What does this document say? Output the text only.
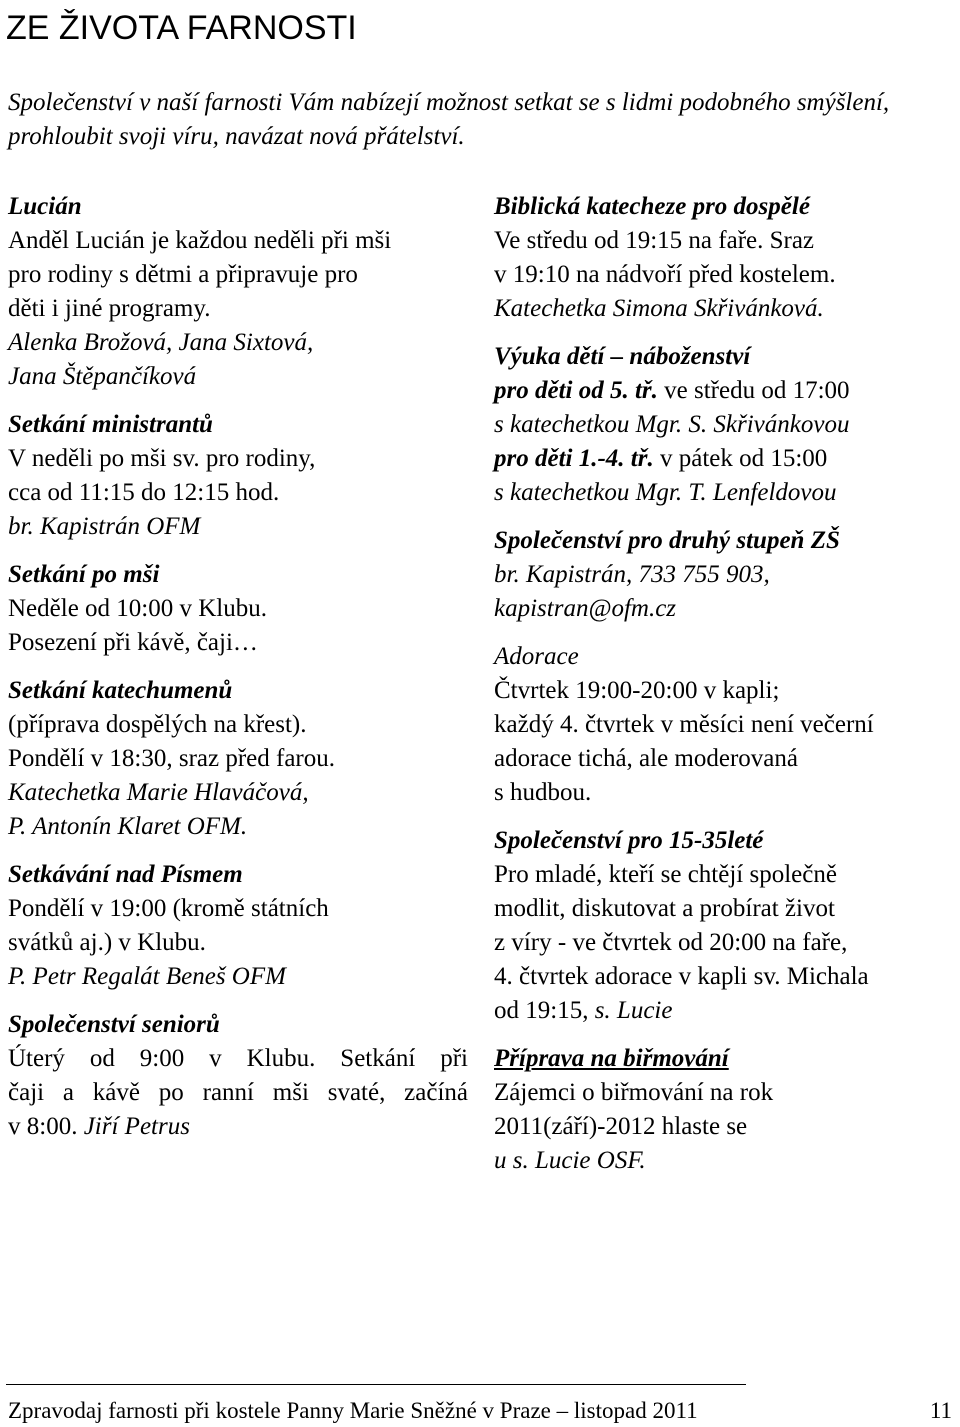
ZE ŽIVOTA FARNOSTI
Společenství v naší farnosti Vám nabízejí možnost setkat se s lidmi podobného smýšlení, prohloubit svoji víru, navázat nová přátelství.
Lucián
Anděl Lucián je každou neděli při mši
pro rodiny s dětmi a připravuje pro
děti i jiné programy.
Alenka Brožová, Jana Sixtová,
Jana Štěpančíková
Setkání ministrantů
V neděli po mši sv. pro rodiny,
cca od 11:15 do 12:15 hod.
br. Kapistrán OFM
Setkání po mši
Neděle od 10:00 v Klubu.
Posezení při kávě, čaji…
Setkání katechumenů
(příprava dospělých na křest).
Pondělí v 18:30, sraz před farou.
Katechetka Marie Hlaváčová,
P. Antonín Klaret OFM.
Setkávání nad Písmem
Pondělí v 19:00 (kromě státních
svátků aj.) v Klubu.
P. Petr Regalát Beneš OFM
Společenství seniorů
Úterý od 9:00 v Klubu. Setkání při
čaji a kávě po ranní mši svaté, začíná
v 8:00. Jiří Petrus
Biblická katecheze pro dospělé
Ve středu od 19:15 na faře. Sraz
v 19:10 na nádvoří před kostelem.
Katechetka Simona Skřivánková.
Výuka dětí – náboženství
pro děti od 5. tř. ve středu od 17:00
s katechetkou Mgr. S. Skřivánkovou
pro děti 1.-4. tř. v pátek od 15:00
s katechetkou Mgr. T. Lenfeldovou
Společenství pro druhý stupeň ZŠ
br. Kapistrán, 733 755 903,
kapistran@ofm.cz
Adorace
Čtvrtek 19:00-20:00 v kapli;
každý 4. čtvrtek v měsíci není večerní
adorace tichá, ale moderovaná
s hudbou.
Společenství pro 15-35leté
Pro mladé, kteří se chtějí společně
modlit, diskutovat a probírat život
z víry - ve čtvrtek od 20:00 na faře,
4. čtvrtek adorace v kapli sv. Michala
od 19:15, s. Lucie
Příprava na biřmování
Zájemci o biřmování na rok
2011(září)-2012 hlaste se
u s. Lucie OSF.
Zpravodaj farnosti při kostele Panny Marie Sněžné v Praze – listopad 2011	11
